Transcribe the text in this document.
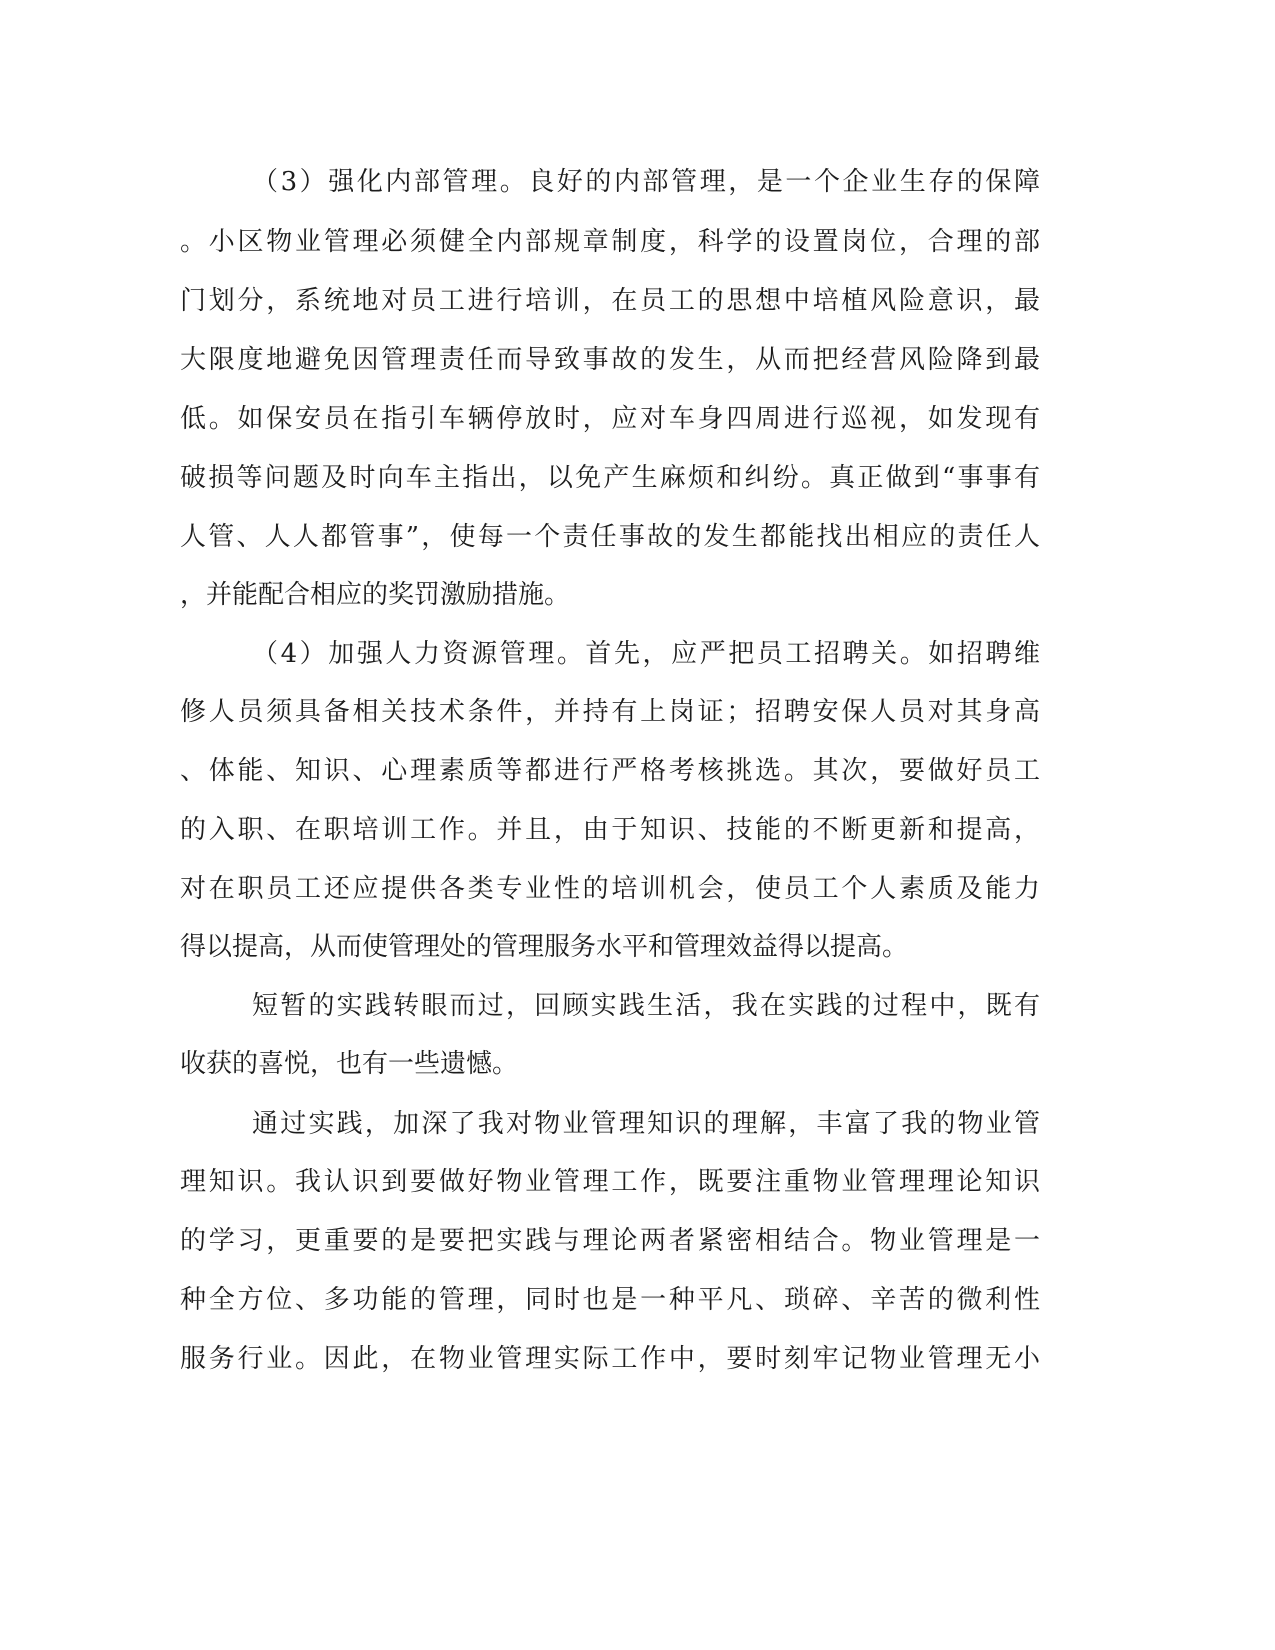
（3）强化内部管理。良好的内部管理，是一个企业生存的保障

。小区物业管理必须健全内部规章制度，科学的设置岗位，合理的部

门划分，系统地对员工进行培训，在员工的思想中培植风险意识，最

大限度地避免因管理责任而导致事故的发生，从而把经营风险降到最

低。如保安员在指引车辆停放时，应对车身四周进行巡视，如发现有

破损等问题及时向车主指出，以免产生麻烦和纠纷。真正做到“事事有

人管、人人都管事”，使每一个责任事故的发生都能找出相应的责任人

，并能配合相应的奖罚激励措施。

（4）加强人力资源管理。首先，应严把员工招聘关。如招聘维

修人员须具备相关技术条件，并持有上岗证；招聘安保人员对其身高

、体能、知识、心理素质等都进行严格考核挑选。其次，要做好员工

的入职、在职培训工作。并且，由于知识、技能的不断更新和提高，

对在职员工还应提供各类专业性的培训机会，使员工个人素质及能力

得以提高，从而使管理处的管理服务水平和管理效益得以提高。

短暂的实践转眼而过，回顾实践生活，我在实践的过程中，既有

收获的喜悦，也有一些遗憾。

通过实践，加深了我对物业管理知识的理解，丰富了我的物业管

理知识。我认识到要做好物业管理工作，既要注重物业管理理论知识

的学习，更重要的是要把实践与理论两者紧密相结合。物业管理是一

种全方位、多功能的管理，同时也是一种平凡、琐碎、辛苦的微利性

服务行业。因此，在物业管理实际工作中，要时刻牢记物业管理无小
